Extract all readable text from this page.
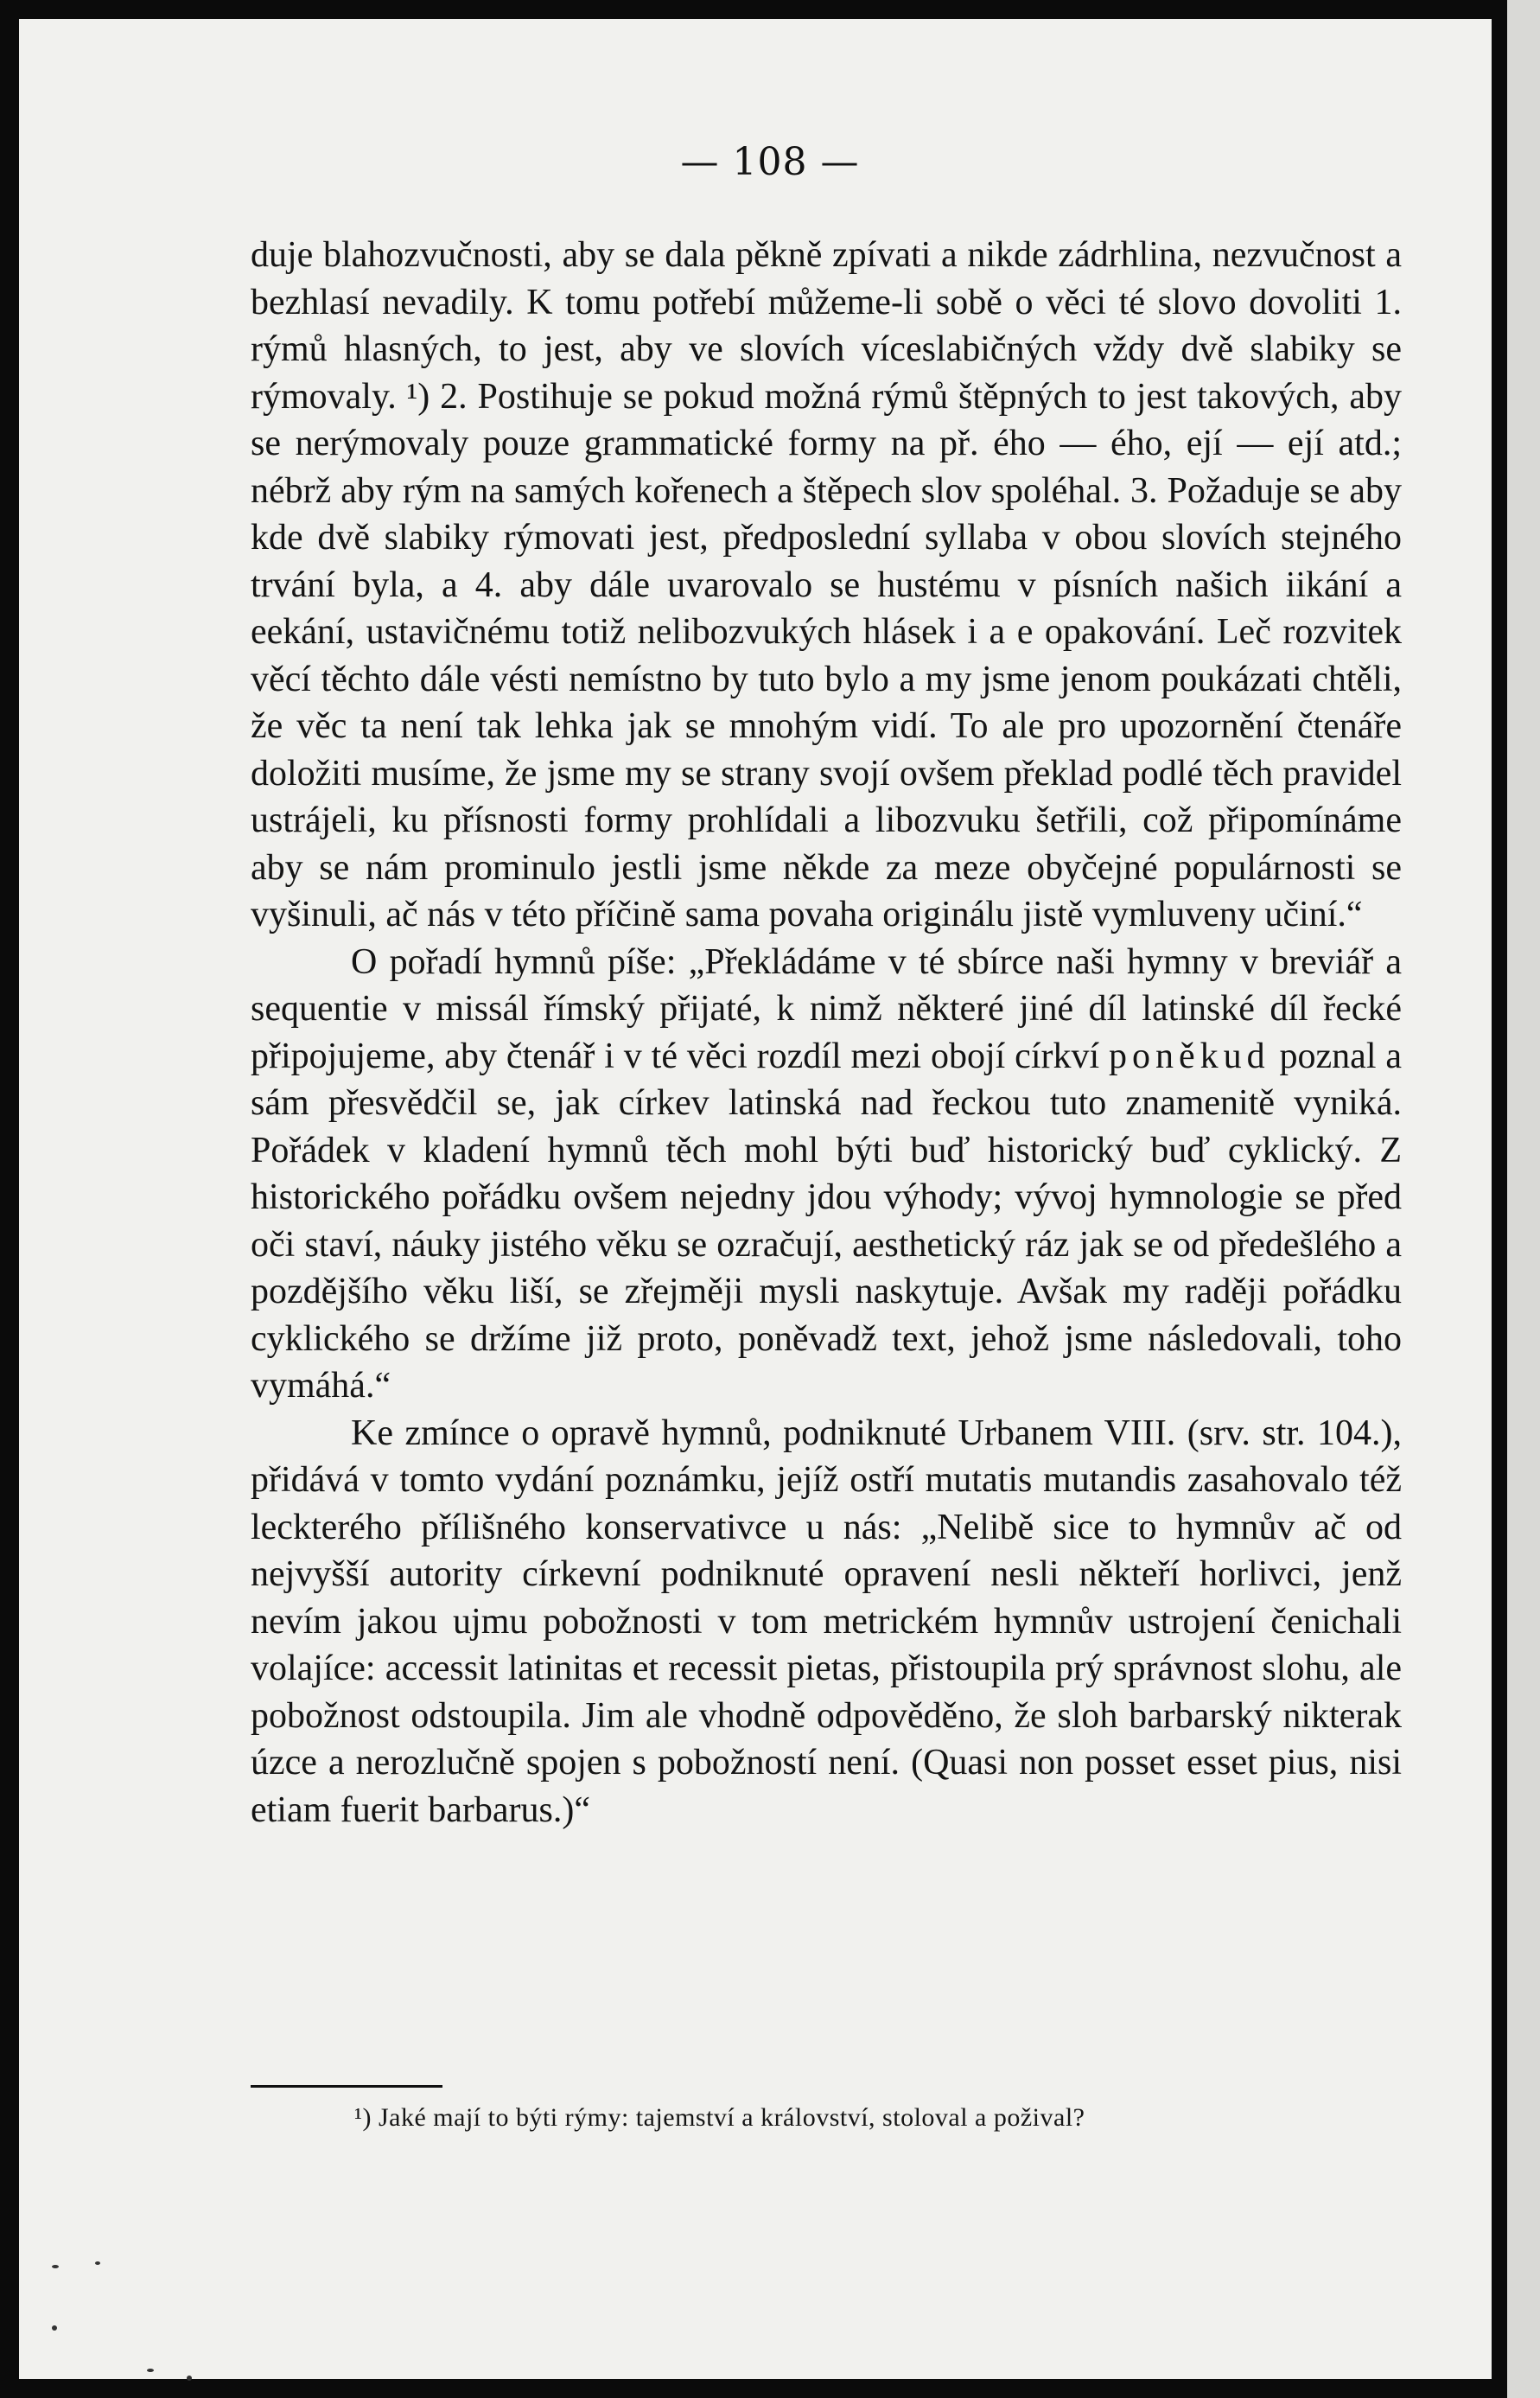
— 108 —

duje blahozvučnosti, aby se dala pěkně zpívati a nikde zádrhlina, nezvučnost a bezhlasí nevadily. K tomu potřebí můžeme-li sobě o věci té slovo dovoliti 1. rýmů hlasných, to jest, aby ve slovích víceslabičných vždy dvě slabiky se rýmovaly. ¹) 2. Postihuje se pokud možná rýmů štěpných to jest takových, aby se nerýmovaly pouze grammatické formy na př. ého — ého, ejí — ejí atd.; nébrž aby rým na samých kořenech a štěpech slov spoléhal. 3. Požaduje se aby kde dvě slabiky rýmovati jest, předposlední syllaba v obou slovích stejného trvání byla, a 4. aby dále uvarovalo se hustému v písních našich iikání a eekání, ustavičnému totiž nelibozvukých hlásek i a e opakování. Leč rozvitek věcí těchto dále vésti nemístno by tuto bylo a my jsme jenom poukázati chtěli, že věc ta není tak lehka jak se mnohým vidí. To ale pro upozornění čtenáře doložiti musíme, že jsme my se strany svojí ovšem překlad podlé těch pravidel ustrájeli, ku přísnosti formy prohlídali a libozvuku šetřili, což připomínáme aby se nám prominulo jestli jsme někde za meze obyčejné populárnosti se vyšinuli, ač nás v této příčině sama povaha originálu jistě vymluveny učiní.“

O pořadí hymnů píše: „Překládáme v té sbírce naši hymny v breviář a sequentie v missál římský přijaté, k nimž některé jiné díl latinské díl řecké připojujeme, aby čtenář i v té věci rozdíl mezi obojí církví poněkud poznal a sám přesvědčil se, jak církev latinská nad řeckou tuto znamenitě vyniká. Pořádek v kladení hymnů těch mohl býti buď historický buď cyklický. Z historického pořádku ovšem nejedny jdou výhody; vývoj hymnologie se před oči staví, náuky jistého věku se ozračují, aesthetický ráz jak se od předešlého a pozdějšího věku liší, se zřejměji mysli naskytuje. Avšak my raději pořádku cyklického se držíme již proto, poněvadž text, jehož jsme následovali, toho vymáhá.“

Ke zmínce o opravě hymnů, podniknuté Urbanem VIII. (srv. str. 104.), přidává v tomto vydání poznámku, jejíž ostří mutatis mutandis zasahovalo též leckterého přílišného konservativce u nás: „Nelibě sice to hymnův ač od nejvyšší autority církevní podniknuté opravení nesli někteří horlivci, jenž nevím jakou ujmu pobožnosti v tom metrickém hymnův ustrojení čenichali volajíce: accessit latinitas et recessit pietas, přistoupila prý správnost slohu, ale pobožnost odstoupila. Jim ale vhodně odpověděno, že sloh barbarský nikterak úzce a nerozlučně spojen s pobožností není. (Quasi non posset esset pius, nisi etiam fuerit barbarus.)“

¹) Jaké mají to býti rýmy: tajemství a království, stoloval a požival?
